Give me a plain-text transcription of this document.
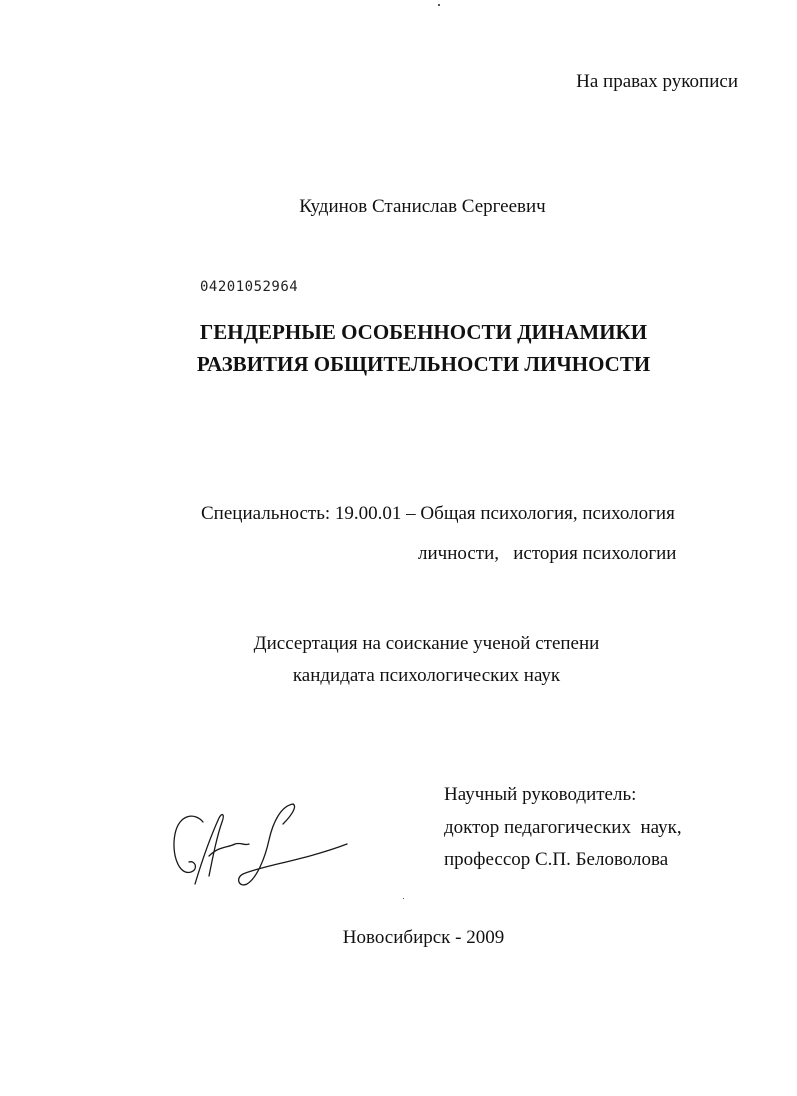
На правах рукописи
Кудинов Станислав Сергеевич
04201052964
ГЕНДЕРНЫЕ ОСОБЕННОСТИ ДИНАМИКИ
РАЗВИТИЯ ОБЩИТЕЛЬНОСТИ ЛИЧНОСТИ
Специальность: 19.00.01 – Общая психология, психология
личности,   история психологии
Диссертация на соискание ученой степени
кандидата психологических наук
Научный руководитель:
доктор педагогических  наук,
профессор С.П. Беловолова
Новосибирск - 2009
